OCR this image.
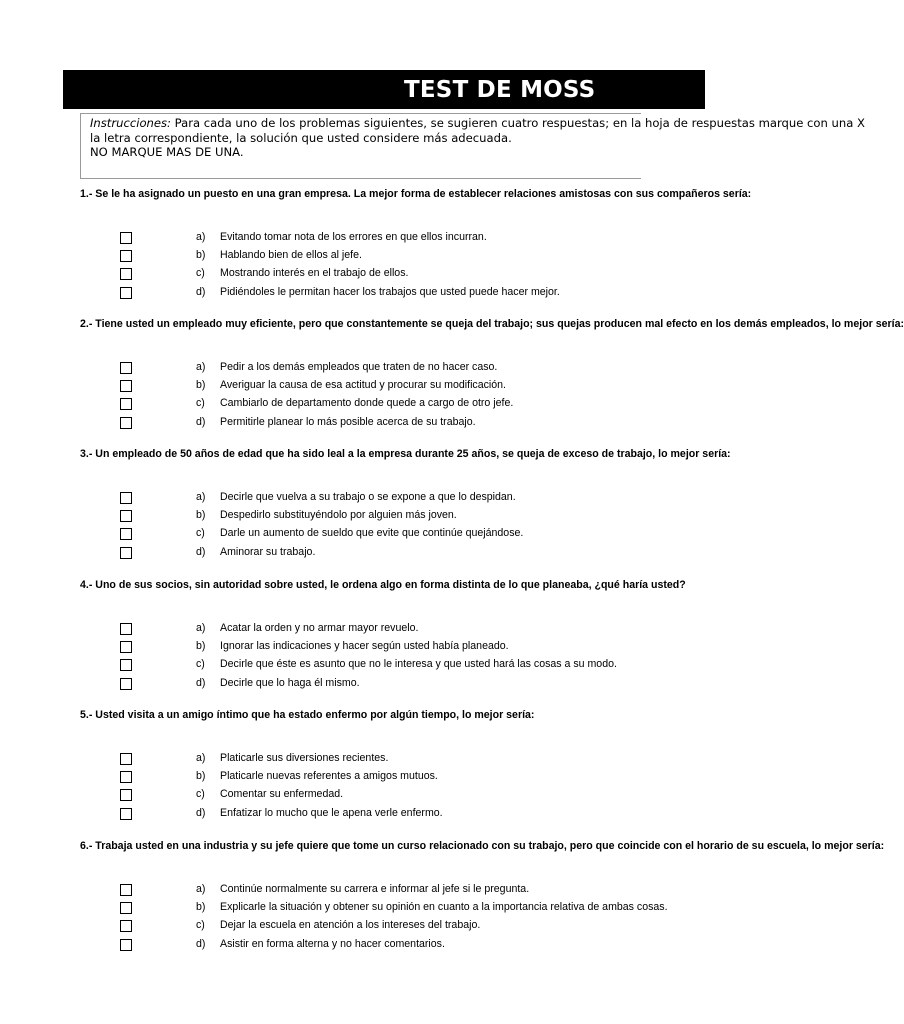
TEST DE MOSS
Instrucciones: Para cada uno de los problemas siguientes, se sugieren cuatro respuestas; en la hoja de respuestas marque con una X
la letra correspondiente, la solución que usted considere más adecuada.
NO MARQUE MAS DE UNA.
1.- Se le ha asignado un puesto en una gran empresa. La mejor forma de establecer relaciones amistosas con sus compañeros sería:
a) Evitando tomar nota de los errores en que ellos incurran.
b) Hablando bien de ellos al jefe.
c) Mostrando interés en el trabajo de ellos.
d) Pidiéndoles le permitan hacer los trabajos que usted puede hacer mejor.
2.- Tiene usted un empleado muy eficiente, pero que constantemente se queja del trabajo; sus quejas producen mal efecto en los demás empleados, lo mejor sería:
a) Pedir a los demás empleados que traten de no hacer caso.
b) Averiguar la causa de esa actitud y procurar su modificación.
c) Cambiarlo de departamento donde quede a cargo de otro jefe.
d) Permitirle planear lo más posible acerca de su trabajo.
3.- Un empleado de 50 años de edad que ha sido leal a la empresa durante 25 años, se queja de exceso de trabajo, lo mejor sería:
a) Decirle que vuelva a su trabajo o se expone a que lo despidan.
b) Despedirlo substituyéndolo por alguien más joven.
c) Darle un aumento de sueldo que evite que continúe quejándose.
d) Aminorar su trabajo.
4.- Uno de sus socios, sin autoridad sobre usted, le ordena algo en forma distinta de lo que planeaba, ¿qué haría usted?
a) Acatar la orden y no armar mayor revuelo.
b) Ignorar las indicaciones y hacer según usted había planeado.
c) Decirle que éste es asunto que no le interesa y que usted hará las cosas a su modo.
d) Decirle que lo haga él mismo.
5.- Usted visita a un amigo íntimo que ha estado enfermo por algún tiempo, lo mejor sería:
a) Platicarle sus diversiones recientes.
b) Platicarle nuevas referentes a amigos mutuos.
c) Comentar su enfermedad.
d) Enfatizar lo mucho que le apena verle enfermo.
6.- Trabaja usted en una industria y su jefe quiere que tome un curso relacionado con su trabajo, pero que coincide con el horario de su escuela, lo mejor sería:
a) Continúe normalmente su carrera e informar al jefe si le pregunta.
b) Explicarle la situación y obtener su opinión en cuanto a la importancia relativa de ambas cosas.
c) Dejar la escuela en atención a los intereses del trabajo.
d) Asistir en forma alterna y no hacer comentarios.
